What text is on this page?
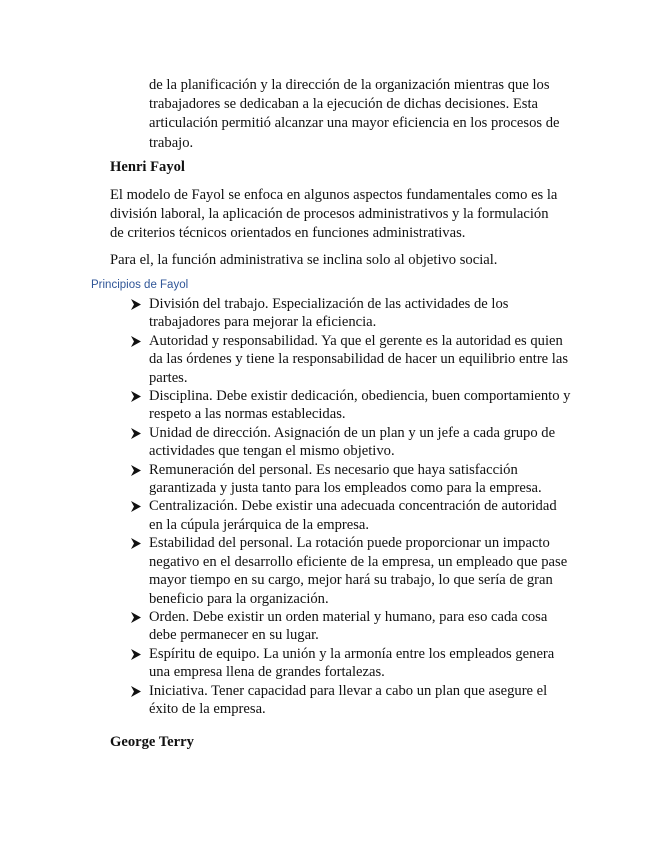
de la planificación y la dirección de la organización mientras que los trabajadores se dedicaban a la ejecución de dichas decisiones. Esta articulación permitió alcanzar una mayor eficiencia en los procesos de trabajo.

Henri Fayol

El modelo de Fayol se enfoca en algunos aspectos fundamentales como es la división laboral, la aplicación de procesos administrativos y la formulación de criterios técnicos orientados en funciones administrativas.

Para el, la función administrativa se inclina solo al objetivo social.

Principios de Fayol

División del trabajo. Especialización de las actividades de los trabajadores para mejorar la eficiencia.
Autoridad y responsabilidad. Ya que el gerente es la autoridad es quien da las órdenes y tiene la responsabilidad de hacer un equilibrio entre las partes.
Disciplina. Debe existir dedicación, obediencia, buen comportamiento y respeto a las normas establecidas.
Unidad de dirección. Asignación de un plan y un jefe a cada grupo de actividades que tengan el mismo objetivo.
Remuneración del personal. Es necesario que haya satisfacción garantizada y justa tanto para los empleados como para la empresa.
Centralización. Debe existir una adecuada concentración de autoridad en la cúpula jerárquica de la empresa.
Estabilidad del personal. La rotación puede proporcionar un impacto negativo en el desarrollo eficiente de la empresa, un empleado que pase mayor tiempo en su cargo, mejor hará su trabajo, lo que sería de gran beneficio para la organización.
Orden. Debe existir un orden material y humano, para eso cada cosa debe permanecer en su lugar.
Espíritu de equipo. La unión y la armonía entre los empleados genera una empresa llena de grandes fortalezas.
Iniciativa. Tener capacidad para llevar a cabo un plan que asegure el éxito de la empresa.

George Terry
